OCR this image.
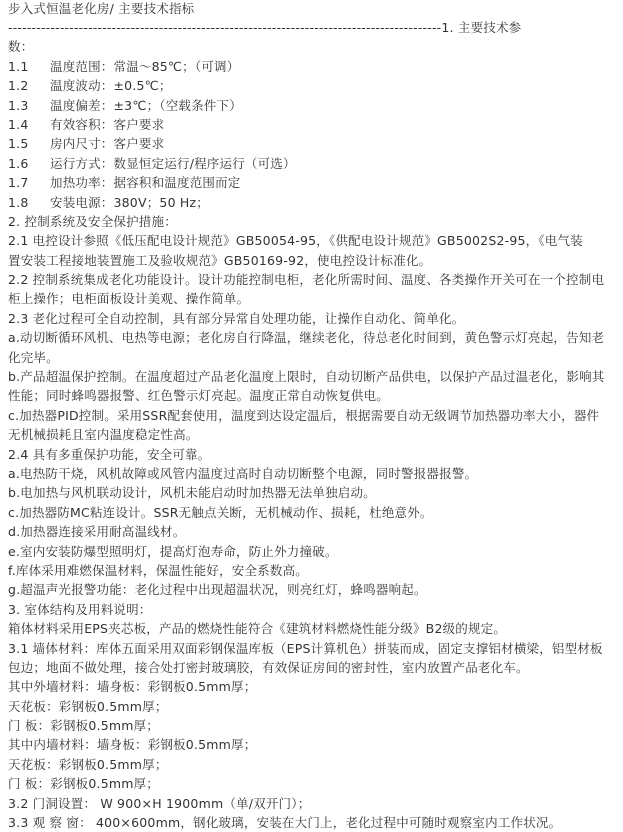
步入式恒温老化房/ 主要技术指标
--------------------------------------------------------------------------------------------1. 主要技术参
数：
1.1	温度范围：常温～85℃；（可调）
1.2	温度波动：±0.5℃；
1.3	温度偏差：±3℃；（空载条件下）
1.4	有效容积：客户要求
1.5	房内尺寸：客户要求
1.6	运行方式：数显恒定运行/程序运行（可选）
1.7	加热功率：据容积和温度范围而定
1.8	安装电源：380V；50 Hz；
2. 控制系统及安全保护措施：
2.1 电控设计参照《低压配电设计规范》GB50054-95，《供配电设计规范》GB5002S2-95，《电气装
置安装工程接地装置施工及验收规范》GB50169-92，使电控设计标准化。
2.2 控制系统集成老化功能设计。设计功能控制电柜，老化所需时间、温度、各类操作开关可在一个控制电
柜上操作；电柜面板设计美观、操作简单。
2.3 老化过程可全自动控制，具有部分异常自处理功能，让操作自动化、简单化。
a.动切断循环风机、电热等电源；老化房自行降温，继续老化，待总老化时间到，黄色警示灯亮起，告知老
化完毕。
b.产品超温保护控制。在温度超过产品老化温度上限时，自动切断产品供电，以保护产品过温老化，影响其
性能；同时蜂鸣器报警、红色警示灯亮起。温度正常自动恢复供电。
c.加热器PID控制。采用SSR配套使用，温度到达设定温后，根据需要自动无级调节加热器功率大小，器件
无机械损耗且室内温度稳定性高。
2.4 具有多重保护功能，安全可靠。
a.电热防干烧，风机故障或风管内温度过高时自动切断整个电源，同时警报器报警。
b.电加热与风机联动设计，风机未能启动时加热器无法单独启动。
c.加热器防MC粘连设计。SSR无触点关断，无机械动作、损耗，杜绝意外。
d.加热器连接采用耐高温线材。
e.室内安装防爆型照明灯，提高灯泡寿命，防止外力撞破。
f.库体采用难燃保温材料，保温性能好，安全系数高。
g.超温声光报警功能：老化过程中出现超温状况，则亮红灯，蜂鸣器响起。
3. 室体结构及用料说明：
箱体材料采用EPS夹芯板，产品的燃烧性能符合《建筑材料燃烧性能分级》B2级的规定。
3.1 墙体材料：库体五面采用双面彩钢保温库板（EPS计算机色）拼装而成，固定支撑铝材横梁，铝型材板
包边；地面不做处理，接合处打密封玻璃胶，有效保证房间的密封性，室内放置产品老化车。
其中外墙材料：墙身板：彩钢板0.5mm厚；
天花板：彩钢板0.5mm厚；
门 板：彩钢板0.5mm厚；
其中内墙材料：墙身板：彩钢板0.5mm厚；
天花板：彩钢板0.5mm厚；
门 板：彩钢板0.5mm厚；
3.2 门洞设置： W 900×H 1900mm（单/双开门）；
3.3 观 察 窗： 400×600mm，钢化玻璃，安装在大门上，老化过程中可随时观察室内工作状况。
